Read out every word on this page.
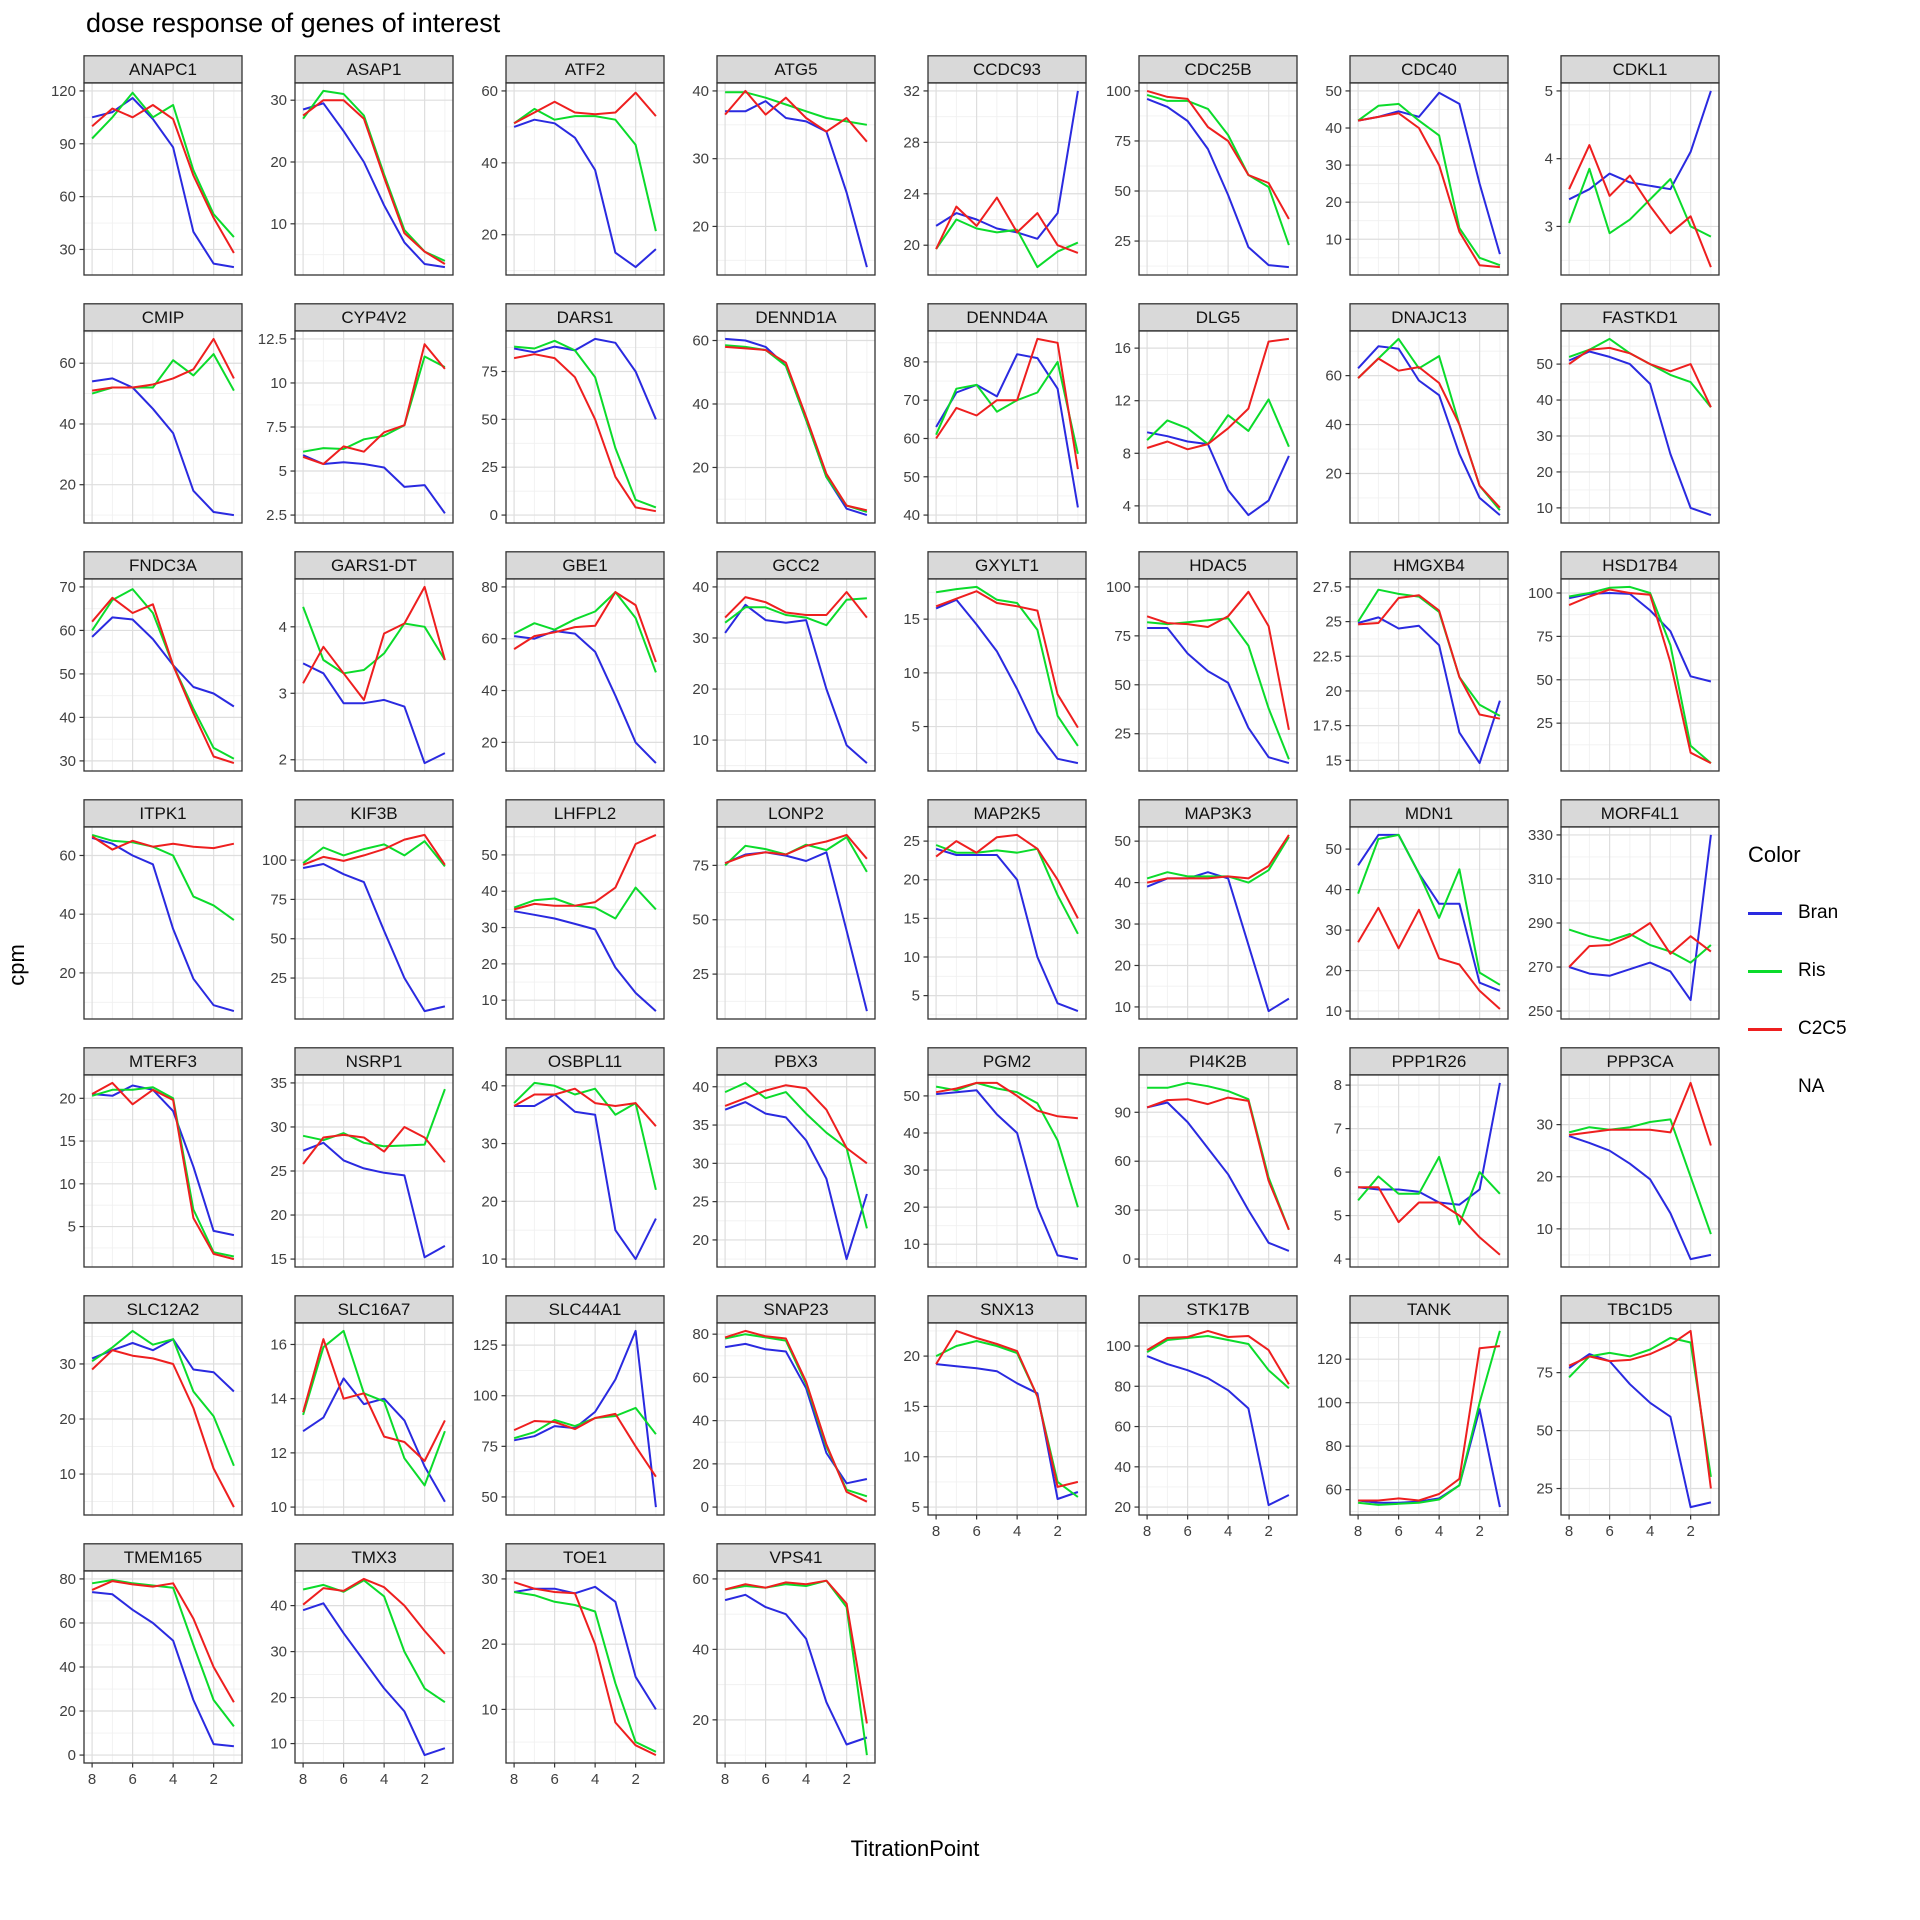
dose response of genes of interest
ANAPC1
30
60
90
120
ASAP1
10
20
30
ATF2
20
40
60
ATG5
20
30
40
CCDC93
20
24
28
32
CDC25B
25
50
75
100
CDC40
10
20
30
40
50
CDKL1
3
4
5
CMIP
20
40
60
CYP4V2
2.5
5
7.5
10
12.5
DARS1
0
25
50
75
DENND1A
20
40
60
DENND4A
40
50
60
70
80
DLG5
4
8
12
16
DNAJC13
20
40
60
FASTKD1
10
20
30
40
50
FNDC3A
30
40
50
60
70
GARS1-DT
2
3
4
GBE1
20
40
60
80
GCC2
10
20
30
40
GXYLT1
5
10
15
HDAC5
25
50
75
100
HMGXB4
15
17.5
20
22.5
25
27.5
HSD17B4
25
50
75
100
ITPK1
20
40
60
KIF3B
25
50
75
100
LHFPL2
10
20
30
40
50
LONP2
25
50
75
MAP2K5
5
10
15
20
25
MAP3K3
10
20
30
40
50
MDN1
10
20
30
40
50
MORF4L1
250
270
290
310
330
MTERF3
5
10
15
20
NSRP1
15
20
25
30
35
OSBPL11
10
20
30
40
PBX3
20
25
30
35
40
PGM2
10
20
30
40
50
PI4K2B
0
30
60
90
PPP1R26
4
5
6
7
8
PPP3CA
10
20
30
SLC12A2
10
20
30
SLC16A7
10
12
14
16
SLC44A1
50
75
100
125
SNAP23
0
20
40
60
80
SNX13
5
10
15
20
8 6 4 2
STK17B
20
40
60
80
100
8 6 4 2
TANK
60
80
100
120
8 6 4 2
TBC1D5
25
50
75
8 6 4 2
TMEM165
0
20
40
60
80
8 6 4 2
TMX3
10
20
30
40
8 6 4 2
TOE1
10
20
30
8 6 4 2
VPS41
20
40
60
8 6 4 2
cpm
TitrationPoint
Color
Bran
Ris
C2C5
NA
